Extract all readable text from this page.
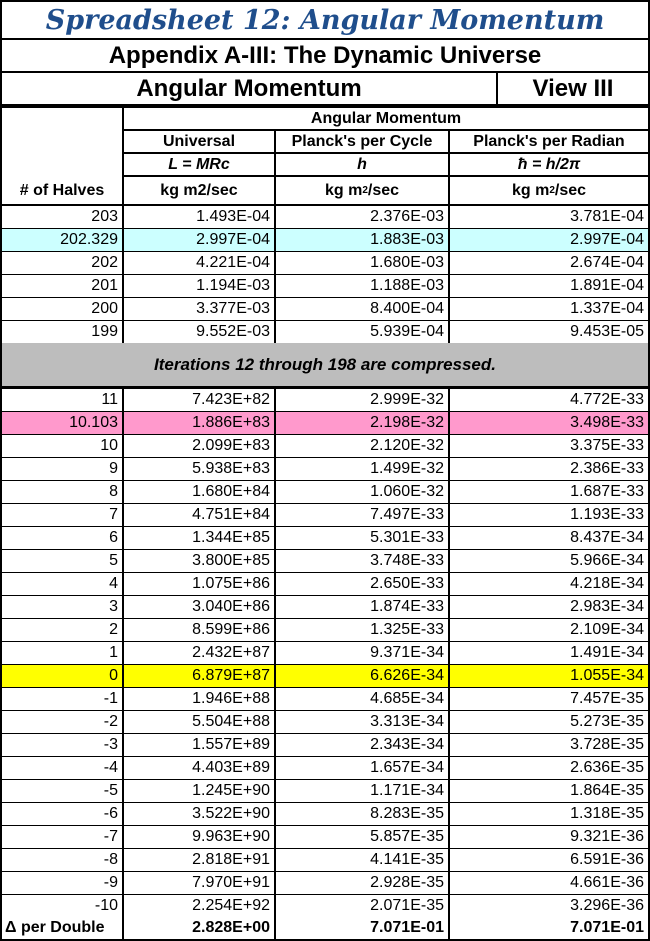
Spreadsheet 12: Angular Momentum
Appendix A-III: The Dynamic Universe
Angular Momentum	View III
# of Halves
Angular Momentum
Universal	Planck's per Cycle	Planck's per Radian
L = MRc	h	ħ = h/2π
kg m2/sec	kg m 2 /sec	kg m 2 /sec
203	1.493E-04	2.376E-03	3.781E-04
202.329	2.997E-04	1.883E-03	2.997E-04
202	4.221E-04	1.680E-03	2.674E-04
201	1.194E-03	1.188E-03	1.891E-04
200	3.377E-03	8.400E-04	1.337E-04
199	9.552E-03	5.939E-04	9.453E-05
Iterations 12 through 198 are compressed.
11	7.423E+82	2.999E-32	4.772E-33
10.103	1.886E+83	2.198E-32	3.498E-33
10	2.099E+83	2.120E-32	3.375E-33
9	5.938E+83	1.499E-32	2.386E-33
8	1.680E+84	1.060E-32	1.687E-33
7	4.751E+84	7.497E-33	1.193E-33
6	1.344E+85	5.301E-33	8.437E-34
5	3.800E+85	3.748E-33	5.966E-34
4	1.075E+86	2.650E-33	4.218E-34
3	3.040E+86	1.874E-33	2.983E-34
2	8.599E+86	1.325E-33	2.109E-34
1	2.432E+87	9.371E-34	1.491E-34
0	6.879E+87	6.626E-34	1.055E-34
-1	1.946E+88	4.685E-34	7.457E-35
-2	5.504E+88	3.313E-34	5.273E-35
-3	1.557E+89	2.343E-34	3.728E-35
-4	4.403E+89	1.657E-34	2.636E-35
-5	1.245E+90	1.171E-34	1.864E-35
-6	3.522E+90	8.283E-35	1.318E-35
-7	9.963E+90	5.857E-35	9.321E-36
-8	2.818E+91	4.141E-35	6.591E-36
-9	7.970E+91	2.928E-35	4.661E-36
-10	2.254E+92	2.071E-35	3.296E-36
Δ per Double	2.828E+00	7.071E-01	7.071E-01
